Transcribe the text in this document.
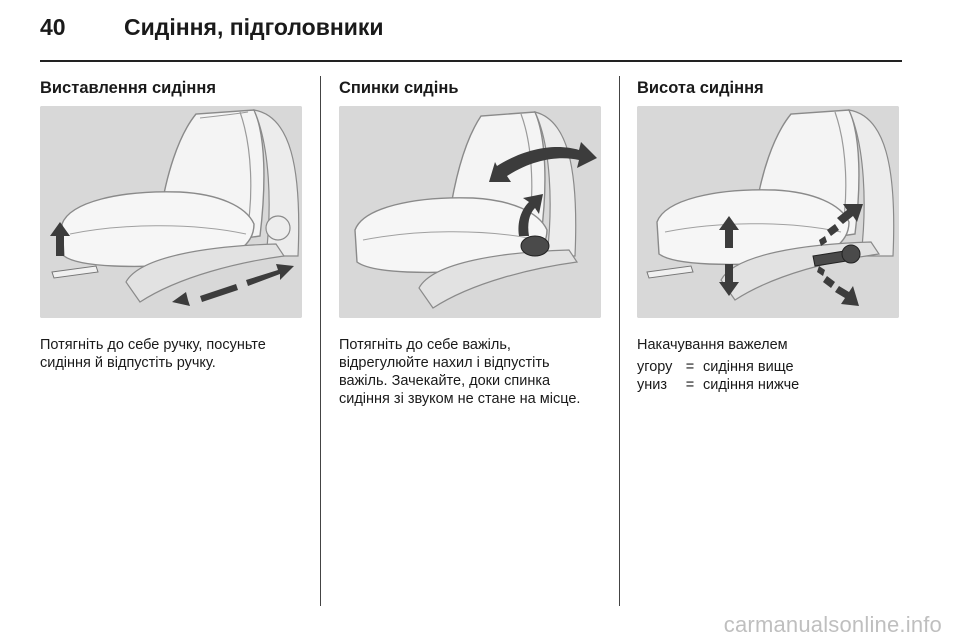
40	Сидіння, підголовники
Виставлення сидіння
Потягніть до себе ручку, посуньте сидіння й відпустіть ручку.
Спинки сидінь
Потягніть до себе важіль, відрегулюйте нахил і відпустіть важіль. Зачекайте, доки спинка сидіння зі звуком не стане на місце.
Висота сидіння
Накачування важелем
угору = сидіння вище
униз	= сидіння нижче
carmanualsonline.info
